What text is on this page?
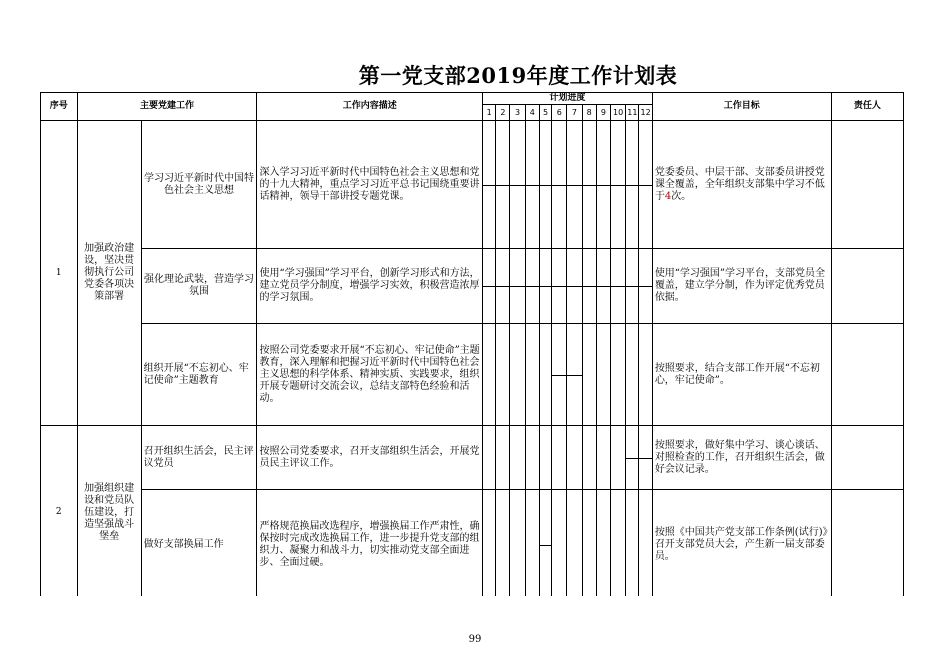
第一党支部2019年度工作计划表
序号	主要党建工作		工作内容描述	计划进度												工作目标	责任人
				1	2	3	4	5	6	7	8	9	10	11	12		
1	加强政治建设，坚决贯彻执行公司党委各项决策部署	学习习近平新时代中国特色社会主义思想	深入学习习近平新时代中国特色社会主义思想和党的十九大精神，重点学习习近平总书记围绕重要讲话精神，领导干部讲授专题党课。													党委委员、中层干部、支部委员讲授党课全覆盖，全年组织支部集中学习不低于4次。	
		强化理论武装，营造学习氛围	使用“学习强国”学习平台，创新学习形式和方法，建立党员学分制度，增强学习实效，积极营造浓厚的学习氛围。													使用“学习强国”学习平台，支部党员全覆盖，建立学分制，作为评定优秀党员依据。	
		组织开展“不忘初心、牢记使命”主题教育	按照公司党委要求开展“不忘初心、牢记使命”主题教育，深入理解和把握习近平新时代中国特色社会主义思想的科学体系、精神实质、实践要求，组织开展专题研讨交流会议，总结支部特色经验和活动。													按照要求，结合支部工作开展“不忘初心，牢记使命”。	
2	加强组织建设和党员队伍建设，打造坚强战斗堡垒	召开组织生活会，民主评议党员	按照公司党委要求，召开支部组织生活会，开展党员民主评议工作。													按照要求，做好集中学习、谈心谈话、对照检查的工作，召开组织生活会，做好会议记录。	
		做好支部换届工作	严格规范换届改选程序，增强换届工作严肃性，确保按时完成改选换届工作，进一步提升党支部的组织力、凝聚力和战斗力，切实推动党支部全面进步、全面过硬。													按照《中国共产党支部工作条例(试行)》召开支部党员大会，产生新一届支部委员。	
99
